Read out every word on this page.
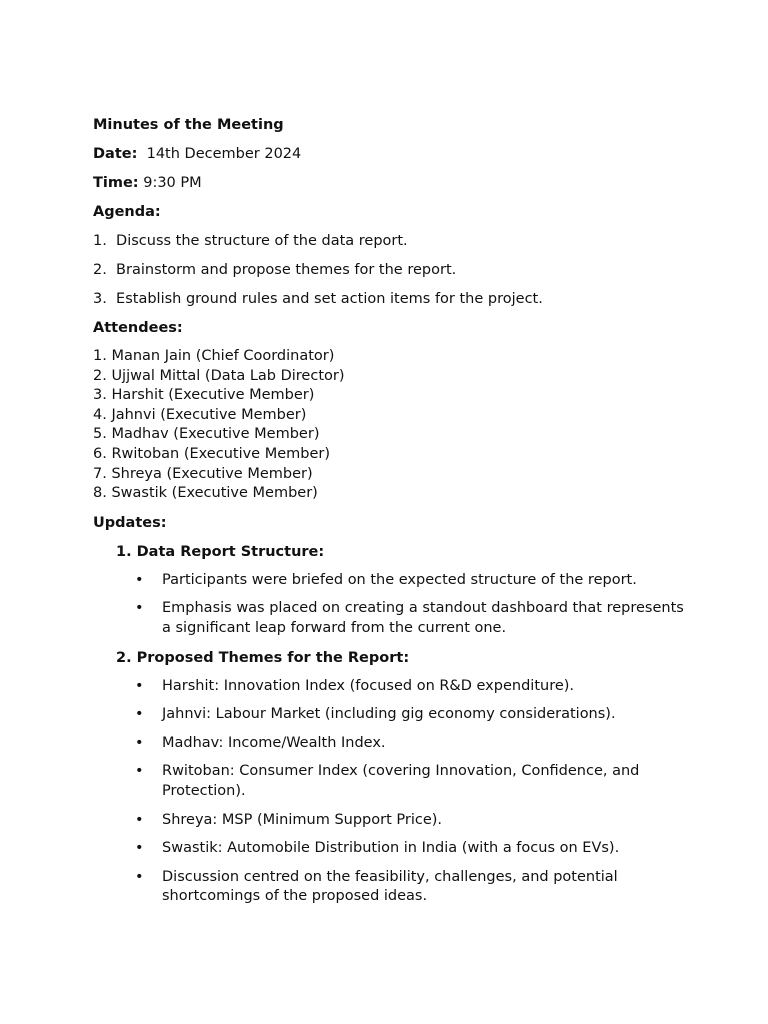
Minutes of the Meeting

Date: 14th December 2024

Time: 9:30 PM

Agenda:

1.  Discuss the structure of the data report.

2.  Brainstorm and propose themes for the report.

3.  Establish ground rules and set action items for the project.

Attendees:

1. Manan Jain (Chief Coordinator)

2. Ujjwal Mittal (Data Lab Director)

3. Harshit (Executive Member)

4. Jahnvi (Executive Member)

5. Madhav (Executive Member)

6. Rwitoban (Executive Member)

7. Shreya (Executive Member)

8. Swastik (Executive Member)

Updates:

1. Data Report Structure:

• Participants were briefed on the expected structure of the report.
• Emphasis was placed on creating a standout dashboard that represents a significant leap forward from the current one.

2. Proposed Themes for the Report:

• Harshit: Innovation Index (focused on R&D expenditure).
• Jahnvi: Labour Market (including gig economy considerations).
• Madhav: Income/Wealth Index.
• Rwitoban: Consumer Index (covering Innovation, Confidence, and Protection).
• Shreya: MSP (Minimum Support Price).
• Swastik: Automobile Distribution in India (with a focus on EVs).
• Discussion centred on the feasibility, challenges, and potential shortcomings of the proposed ideas.
